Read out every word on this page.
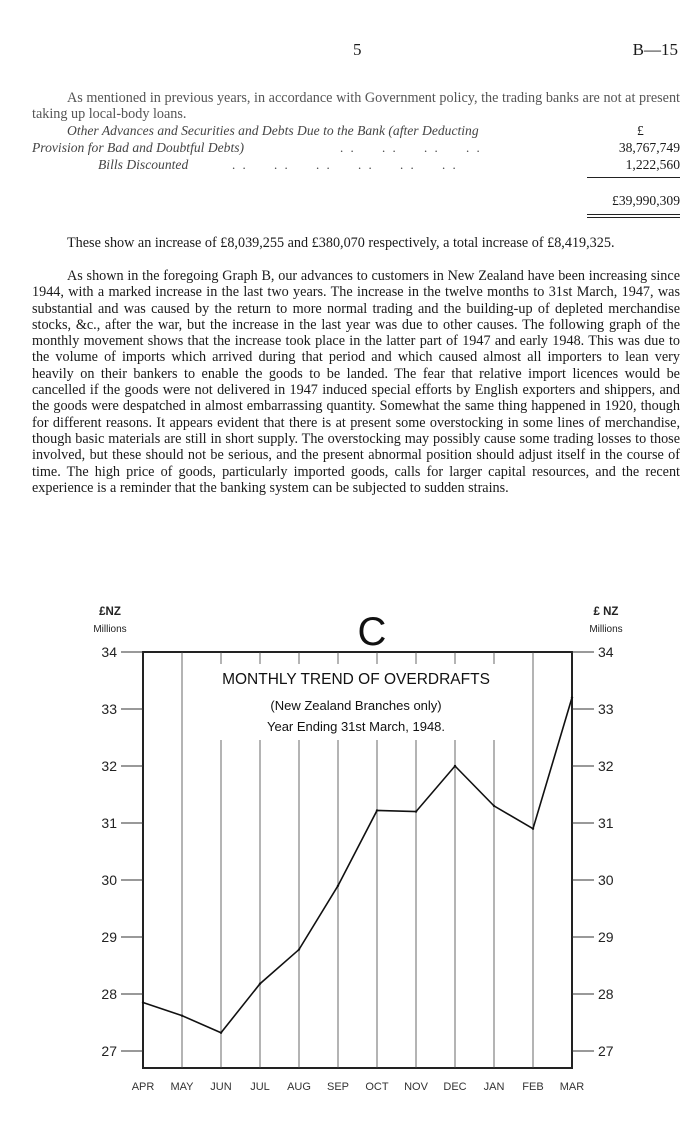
5	B—15
As mentioned in previous years, in accordance with Government policy, the trading banks are not at present taking up local-body loans.
Other Advances and Securities and Debts Due to the Bank (after Deducting	£
Provision for Bad and Doubtful Debts)	. .     . .     . .     . .	38,767,749
Bills Discounted	. .     . .     . .     . .     . .     . .	1,222,560
£39,990,309
These show an increase of £8,039,255 and £380,070 respectively, a total increase of £8,419,325.
As shown in the foregoing Graph B, our advances to customers in New Zealand have been increasing since 1944, with a marked increase in the last two years. The increase in the twelve months to 31st March, 1947, was substantial and was caused by the return to more normal trading and the building-up of depleted merchandise stocks, &c., after the war, but the increase in the last year was due to other causes. The following graph of the monthly movement shows that the increase took place in the latter part of 1947 and early 1948. This was due to the volume of imports which arrived during that period and which caused almost all importers to lean very heavily on their bankers to enable the goods to be landed. The fear that relative import licences would be cancelled if the goods were not delivered in 1947 induced special efforts by English exporters and shippers, and the goods were despatched in almost embarrassing quantity. Somewhat the same thing happened in 1920, though for different reasons. It appears evident that there is at present some overstocking in some lines of merchandise, though basic materials are still in short supply. The overstocking may possibly cause some trading losses to those involved, but these should not be serious, and the present abnormal position should adjust itself in the course of time. The high price of goods, particularly imported goods, calls for larger capital resources, and the recent experience is a reminder that the banking system can be subjected to sudden strains.
27	27
28	28
29	29
30	30
31	31
32	32
33	33
34	34
APR MAY JUN JUL AUG SEP OCT NOV DEC JAN FEB MAR
£NZ
Millions
£ NZ
Millions
C
MONTHLY TREND OF OVERDRAFTS
(New Zealand Branches only)
Year Ending 31st March, 1948.
